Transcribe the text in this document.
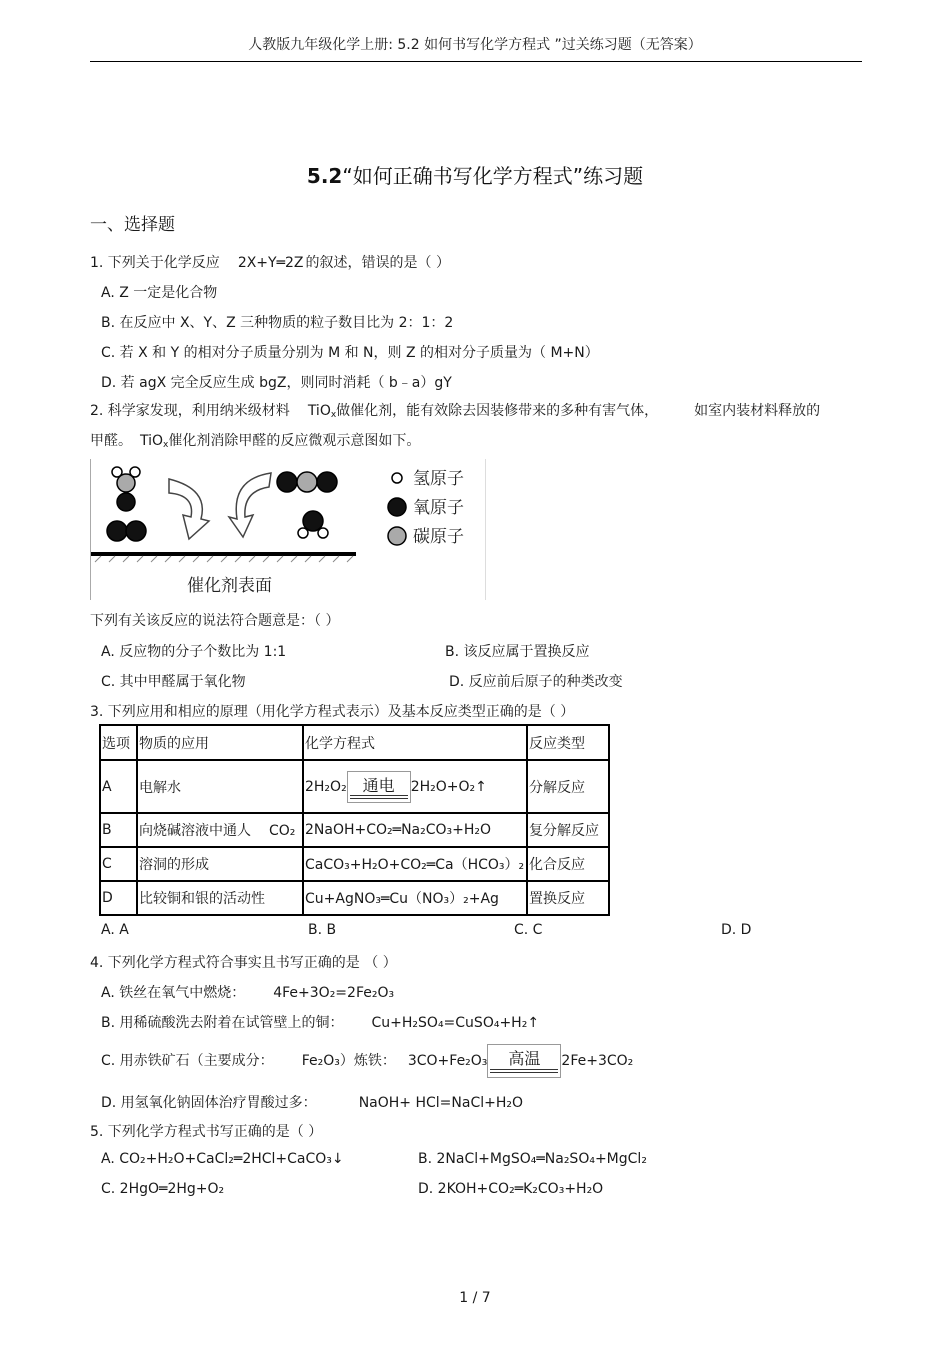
人教版九年级化学上册: 5.2 如何书写化学方程式 ”过关练习题（无答案）
5.2“如何正确书写化学方程式”练习题
一、选择题
1. 下列关于化学反应 2X+Y═2Z 的叙述，错误的是（ ）
A. Z 一定是化合物
B. 在反应中 X、Y、Z 三种物质的粒子数目比为 2：1：2
C. 若 X 和 Y 的相对分子质量分别为 M 和 N，则 Z 的相对分子质量为（ M+N）
D. 若 agX 完全反应生成 bgZ，则同时消耗（ b﹣a）gY
2. 科学家发现，利用纳米级材料 TiO$_x$做催化剂，能有效除去因装修带来的多种有害气体，	如室内装材料释放的
甲醛。 TiO$_x$催化剂消除甲醛的反应微观示意图如下。
氢原子
氧原子
碳原子
催化剂表面
下列有关该反应的说法符合题意是：（ ）
A. 反应物的分子个数比为 1:1	B. 该反应属于置换反应
C. 其中甲醛属于氧化物	D. 反应前后原子的种类改变
3. 下列应用和相应的原理（用化学方程式表示）及基本反应类型正确的是（ ）
选项	物质的应用	化学方程式	反应类型
A	电解水	2H₂O₂ 通电 2H₂O+O₂↑	分解反应
B	向烧碱溶液中通人 CO₂	2NaOH+CO₂═Na₂CO₃+H₂O	复分解反应
C	溶洞的形成	CaCO₃+H₂O+CO₂═Ca（HCO₃）₂	化合反应
D	比较铜和银的活动性	Cu+AgNO₃═Cu（NO₃）₂+Ag	置换反应
A. A	B. B	C. C	D. D
4. 下列化学方程式符合事实且书写正确的是 （ ）
A. 铁丝在氧气中燃烧： 4Fe+3O₂=2Fe₂O₃
B. 用稀硫酸洗去附着在试管壁上的铜： Cu+H₂SO₄=CuSO₄+H₂↑
C. 用赤铁矿石（主要成分： Fe₂O₃）炼铁： 3CO+Fe₂O₃	高温	2Fe+3CO₂
D. 用氢氧化钠固体治疗胃酸过多：	NaOH+ HCl=NaCl+H₂O
5. 下列化学方程式书写正确的是（ ）
A. CO₂+H₂O+CaCl₂═2HCl+CaCO₃↓	B. 2NaCl+MgSO₄═Na₂SO₄+MgCl₂
C. 2HgO═2Hg+O₂	D. 2KOH+CO₂═K₂CO₃+H₂O
1 / 7
